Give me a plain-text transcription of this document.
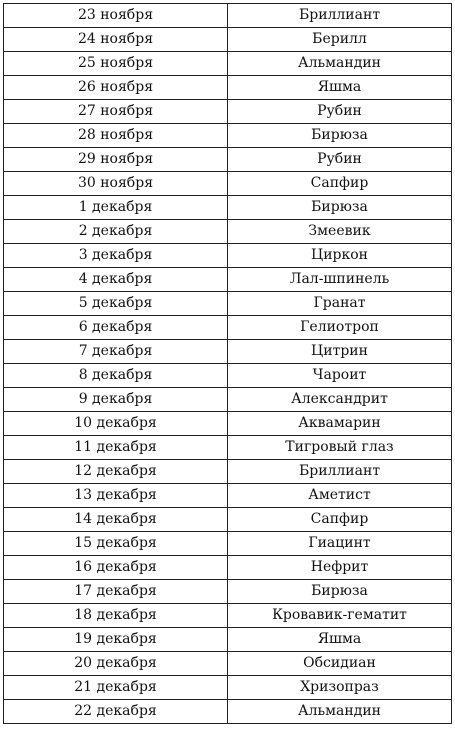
23 ноября	Бриллиант
24 ноября	Берилл
25 ноября	Альмандин
26 ноября	Яшма
27 ноября	Рубин
28 ноября	Бирюза
29 ноября	Рубин
30 ноября	Сапфир
1 декабря	Бирюза
2 декабря	Змеевик
3 декабря	Циркон
4 декабря	Лал-шпинель
5 декабря	Гранат
6 декабря	Гелиотроп
7 декабря	Цитрин
8 декабря	Чароит
9 декабря	Александрит
10 декабря	Аквамарин
11 декабря	Тигровый глаз
12 декабря	Бриллиант
13 декабря	Аметист
14 декабря	Сапфир
15 декабря	Гиацинт
16 декабря	Нефрит
17 декабря	Бирюза
18 декабря	Кровавик-гематит
19 декабря	Яшма
20 декабря	Обсидиан
21 декабря	Хризопраз
22 декабря	Альмандин
